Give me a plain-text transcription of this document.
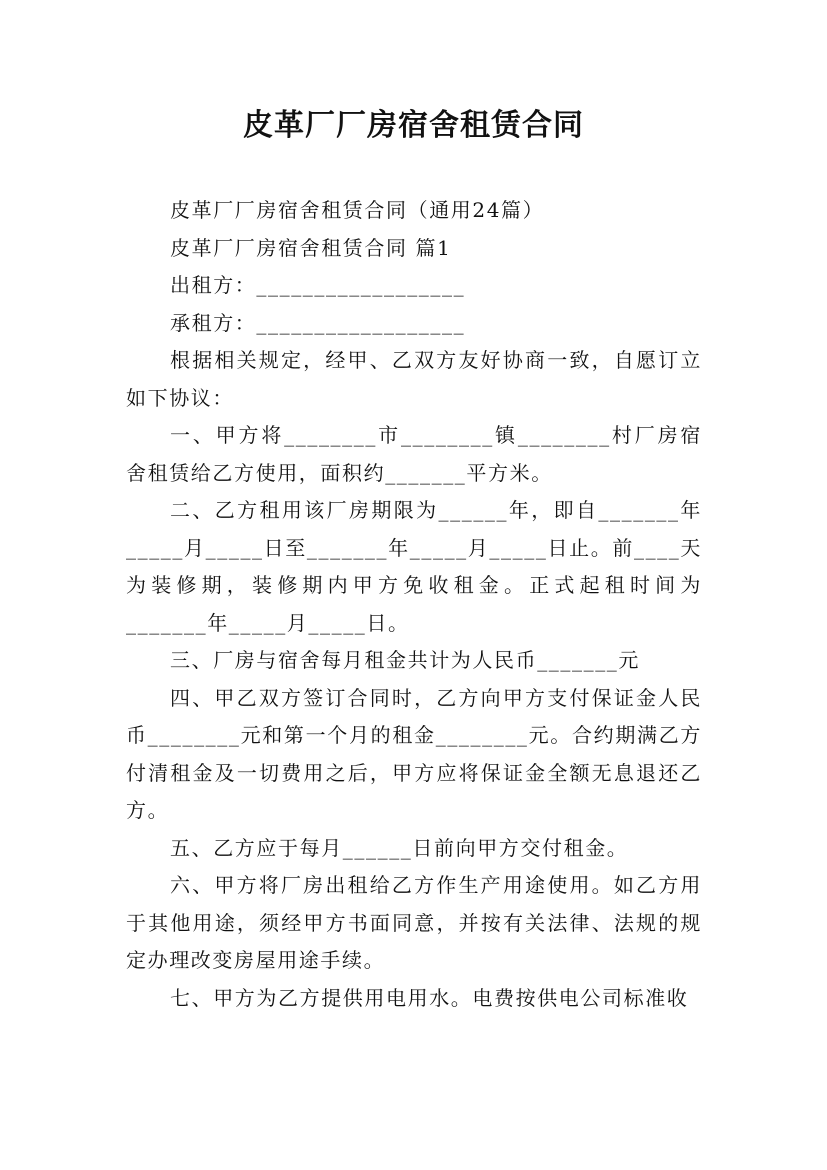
皮革厂厂房宿舍租赁合同

皮革厂厂房宿舍租赁合同（通用24篇）

皮革厂厂房宿舍租赁合同 篇1

出租方：__________________

承租方：__________________

根据相关规定，经甲、乙双方友好协商一致，自愿订立如下协议：

一、甲方将________市________镇________村厂房宿舍租赁给乙方使用，面积约_______平方米。

二、乙方租用该厂房期限为______年，即自_______年_____月_____日至_______年_____月_____日止。前____天为装修期，装修期内甲方免收租金。正式起租时间为_______年_____月_____日。

三、厂房与宿舍每月租金共计为人民币_______元

四、甲乙双方签订合同时，乙方向甲方支付保证金人民币________元和第一个月的租金________元。合约期满乙方付清租金及一切费用之后，甲方应将保证金全额无息退还乙方。

五、乙方应于每月______日前向甲方交付租金。

六、甲方将厂房出租给乙方作生产用途使用。如乙方用于其他用途，须经甲方书面同意，并按有关法律、法规的规定办理改变房屋用途手续。

七、甲方为乙方提供用电用水。电费按供电公司标准收
